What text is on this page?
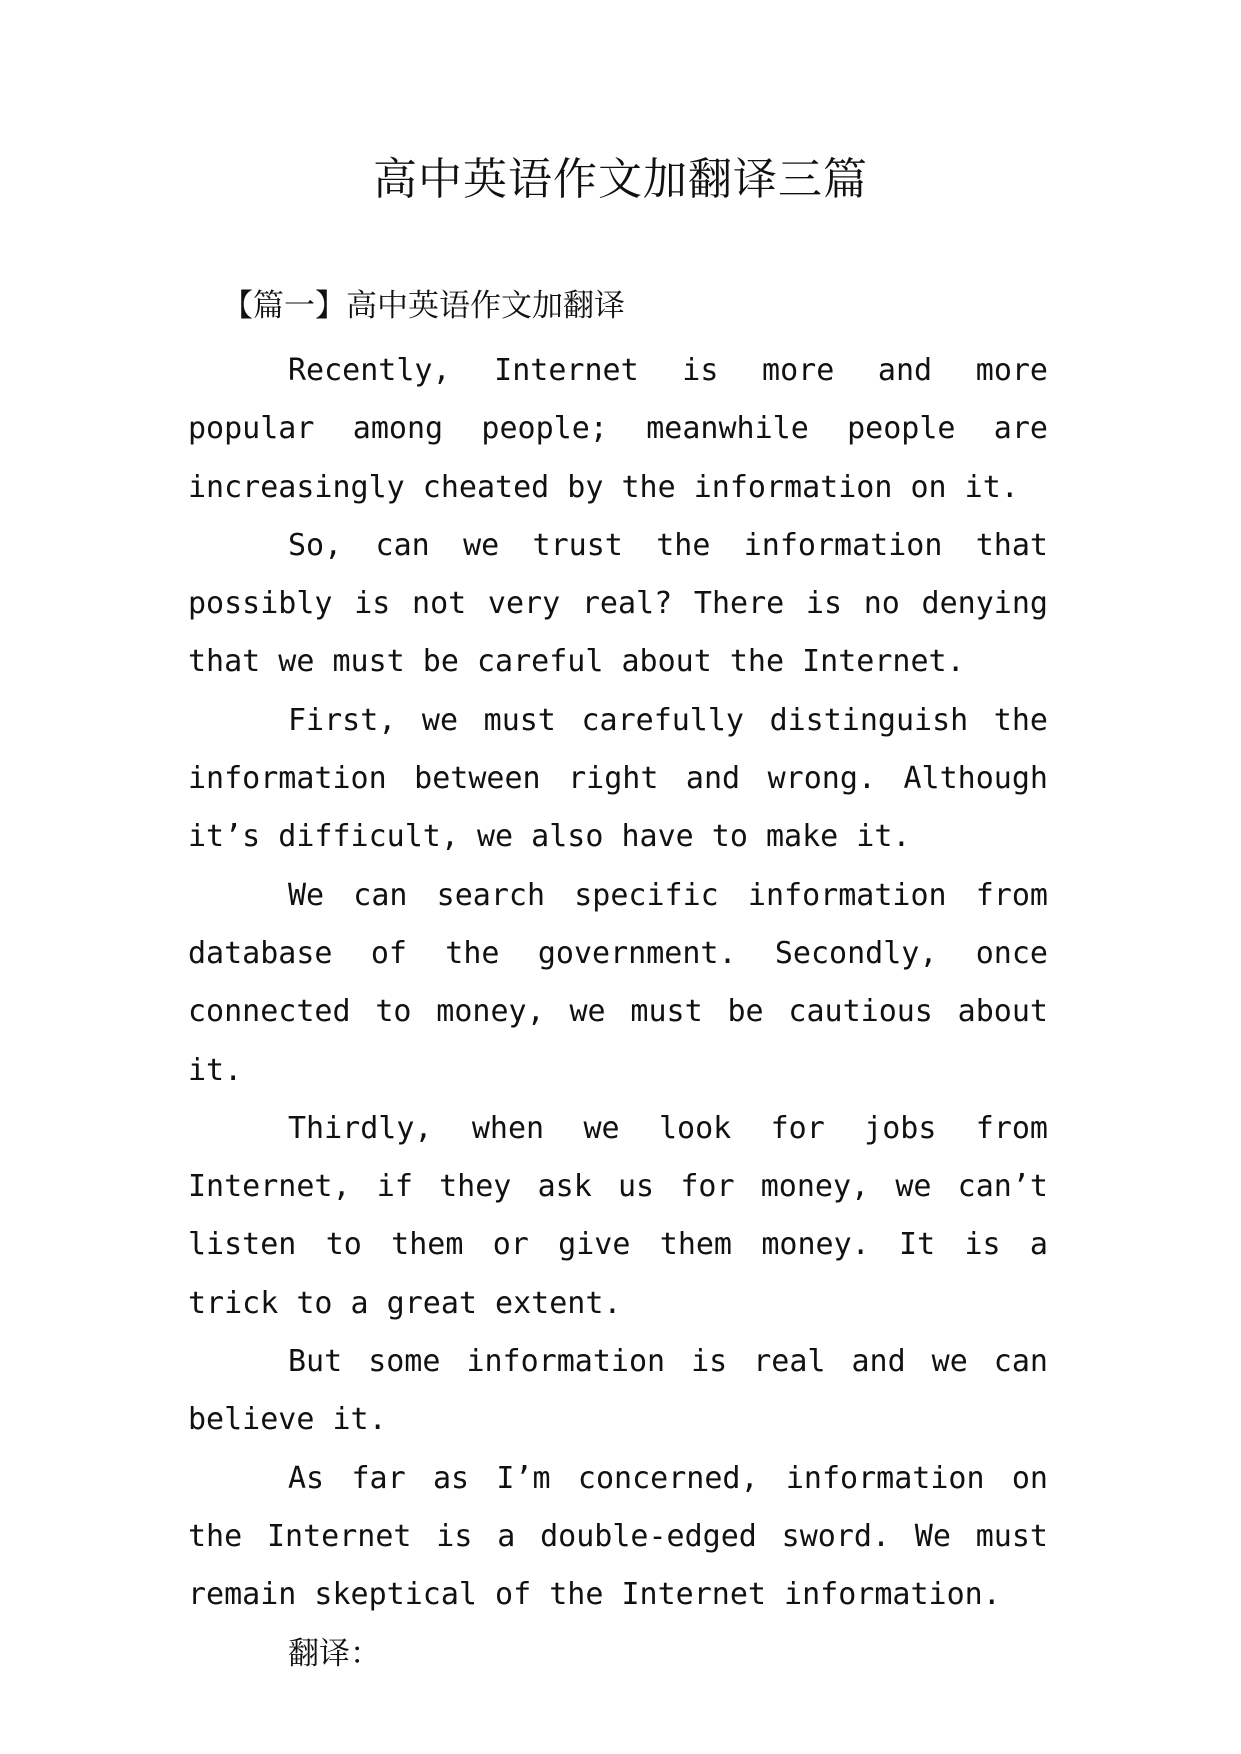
高中英语作文加翻译三篇
【篇一】高中英语作文加翻译

Recently, Internet is more and more popular among people; meanwhile people are increasingly cheated by the information on it.

So, can we trust the information that possibly is not very real? There is no denying that we must be careful about the Internet.

First, we must carefully distinguish the information between right and wrong. Although it’s difficult, we also have to make it.

We can search specific information from database of the government. Secondly, once connected to money, we must be cautious about it.

Thirdly, when we look for jobs from Internet, if they ask us for money, we can’t listen to them or give them money. It is a trick to a great extent.

But some information is real and we can believe it.

As far as I’m concerned, information on the Internet is a double-edged sword. We must remain skeptical of the Internet information.

翻译：
